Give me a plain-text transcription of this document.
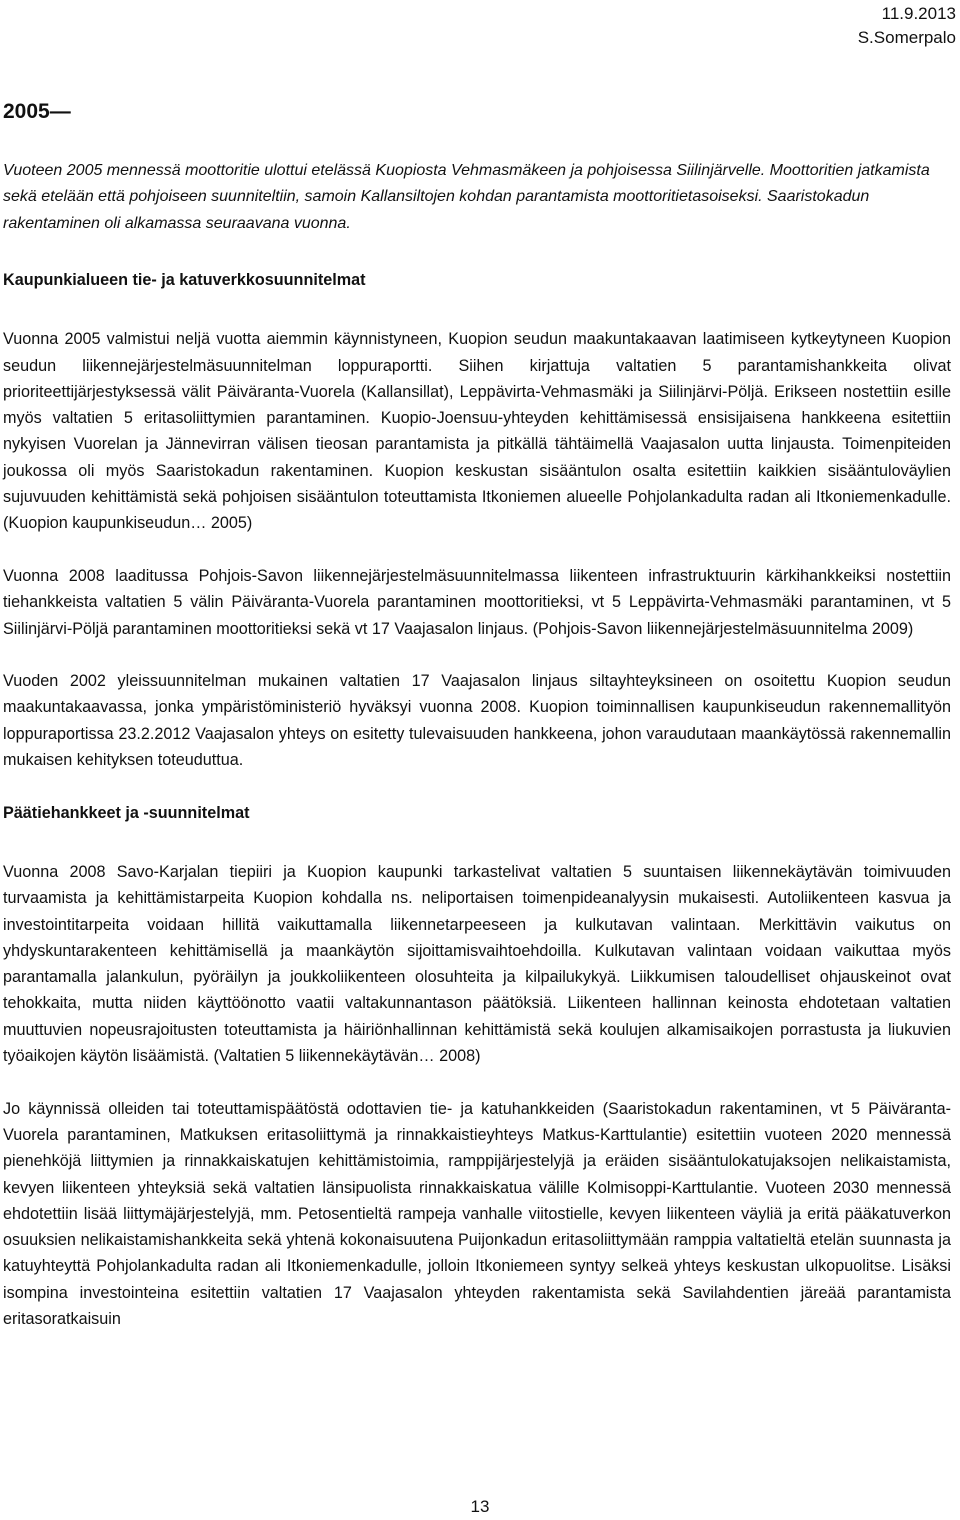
11.9.2013
S.Somerpalo
2005—

Vuoteen 2005 mennessä moottoritie ulottui etelässä Kuopiosta Vehmasmäkeen ja pohjoisessa Siilinjärvelle. Moottoritien jatkamista sekä etelään että pohjoiseen suunniteltiin, samoin Kallansiltojen kohdan parantamista moottoritietasoiseksi. Saaristokadun rakentaminen oli alkamassa seuraavana vuonna.

Kaupunkialueen tie- ja katuverkkosuunnitelmat

Vuonna 2005 valmistui neljä vuotta aiemmin käynnistyneen, Kuopion seudun maakuntakaavan laatimiseen kytkeytyneen Kuopion seudun liikennejärjestelmäsuunnitelman loppuraportti. Siihen kirjattuja valtatien 5 parantamishankkeita olivat prioriteettijärjestyksessä välit Päiväranta-Vuorela (Kallansillat), Leppävirta-Vehmasmäki ja Siilinjärvi-Pöljä. Erikseen nostettiin esille myös valtatien 5 eritasoliittymien parantaminen. Kuopio-Joensuu-yhteyden kehittämisessä ensisijaisena hankkeena esitettiin nykyisen Vuorelan ja Jännevirran välisen tieosan parantamista ja pitkällä tähtäimellä Vaajasalon uutta linjausta. Toimenpiteiden joukossa oli myös Saaristokadun rakentaminen. Kuopion keskustan sisääntulon osalta esitettiin kaikkien sisääntuloväylien sujuvuuden kehittämistä sekä pohjoisen sisääntulon toteuttamista Itkoniemen alueelle Pohjolankadulta radan ali Itkoniemenkadulle. (Kuopion kaupunkiseudun… 2005)

Vuonna 2008 laaditussa Pohjois-Savon liikennejärjestelmäsuunnitelmassa liikenteen infrastruktuurin kärkihankkeiksi nostettiin tiehankkeista valtatien 5 välin Päiväranta-Vuorela parantaminen moottoritieksi, vt 5 Leppävirta-Vehmasmäki parantaminen, vt 5 Siilinjärvi-Pöljä parantaminen moottoritieksi sekä vt 17 Vaajasalon linjaus. (Pohjois-Savon liikennejärjestelmäsuunnitelma 2009)

Vuoden 2002 yleissuunnitelman mukainen valtatien 17 Vaajasalon linjaus siltayhteyksineen on osoitettu Kuopion seudun maakuntakaavassa, jonka ympäristöministeriö hyväksyi vuonna 2008. Kuopion toiminnallisen kaupunkiseudun rakennemallityön loppuraportissa 23.2.2012 Vaajasalon yhteys on esitetty tulevaisuuden hankkeena, johon varaudutaan maankäytössä rakennemallin mukaisen kehityksen toteuduttua.

Päätiehankkeet ja -suunnitelmat

Vuonna 2008 Savo-Karjalan tiepiiri ja Kuopion kaupunki tarkastelivat valtatien 5 suuntaisen liikennekäytävän toimivuuden turvaamista ja kehittämistarpeita Kuopion kohdalla ns. neliportaisen toimenpideanalyysin mukaisesti. Autoliikenteen kasvua ja investointitarpeita voidaan hillitä vaikuttamalla liikennetarpeeseen ja kulkutavan valintaan. Merkittävin vaikutus on yhdyskuntarakenteen kehittämisellä ja maankäytön sijoittamisvaihtoehdoilla. Kulkutavan valintaan voidaan vaikuttaa myös parantamalla jalankulun, pyöräilyn ja joukkoliikenteen olosuhteita ja kilpailukykyä. Liikkumisen taloudelliset ohjauskeinot ovat tehokkaita, mutta niiden käyttöönotto vaatii valtakunnantason päätöksiä. Liikenteen hallinnan keinosta ehdotetaan valtatien muuttuvien nopeusrajoitusten toteuttamista ja häiriönhallinnan kehittämistä sekä koulujen alkamisaikojen porrastusta ja liukuvien työaikojen käytön lisäämistä. (Valtatien 5 liikennekäytävän… 2008)

Jo käynnissä olleiden tai toteuttamispäätöstä odottavien tie- ja katuhankkeiden (Saaristokadun rakentaminen, vt 5 Päiväranta-Vuorela parantaminen, Matkuksen eritasoliittymä ja rinnakkaistieyhteys Matkus-Karttulantie) esitettiin vuoteen 2020 mennessä pienehköjä liittymien ja rinnakkaiskatujen kehittämistoimia, ramppijärjestelyjä ja eräiden sisääntulokatujaksojen nelikaistamista, kevyen liikenteen yhteyksiä sekä valtatien länsipuolista rinnakkaiskatua välille Kolmisoppi-Karttulantie. Vuoteen 2030 mennessä ehdotettiin lisää liittymäjärjestelyjä, mm. Petosentieltä rampeja vanhalle viitostielle, kevyen liikenteen väyliä ja eritä pääkatuverkon osuuksien nelikaistamishankkeita sekä yhtenä kokonaisuutena Puijonkadun eritasoliittymään ramppia valtatieltä etelän suunnasta ja katuyhteyttä Pohjolankadulta radan ali Itkoniemenkadulle, jolloin Itkoniemeen syntyy selkeä yhteys keskustan ulkopuolitse. Lisäksi isompina investointeina esitettiin valtatien 17 Vaajasalon yhteyden rakentamista sekä Savilahdentien järeää parantamista eritasoratkaisuin

13
